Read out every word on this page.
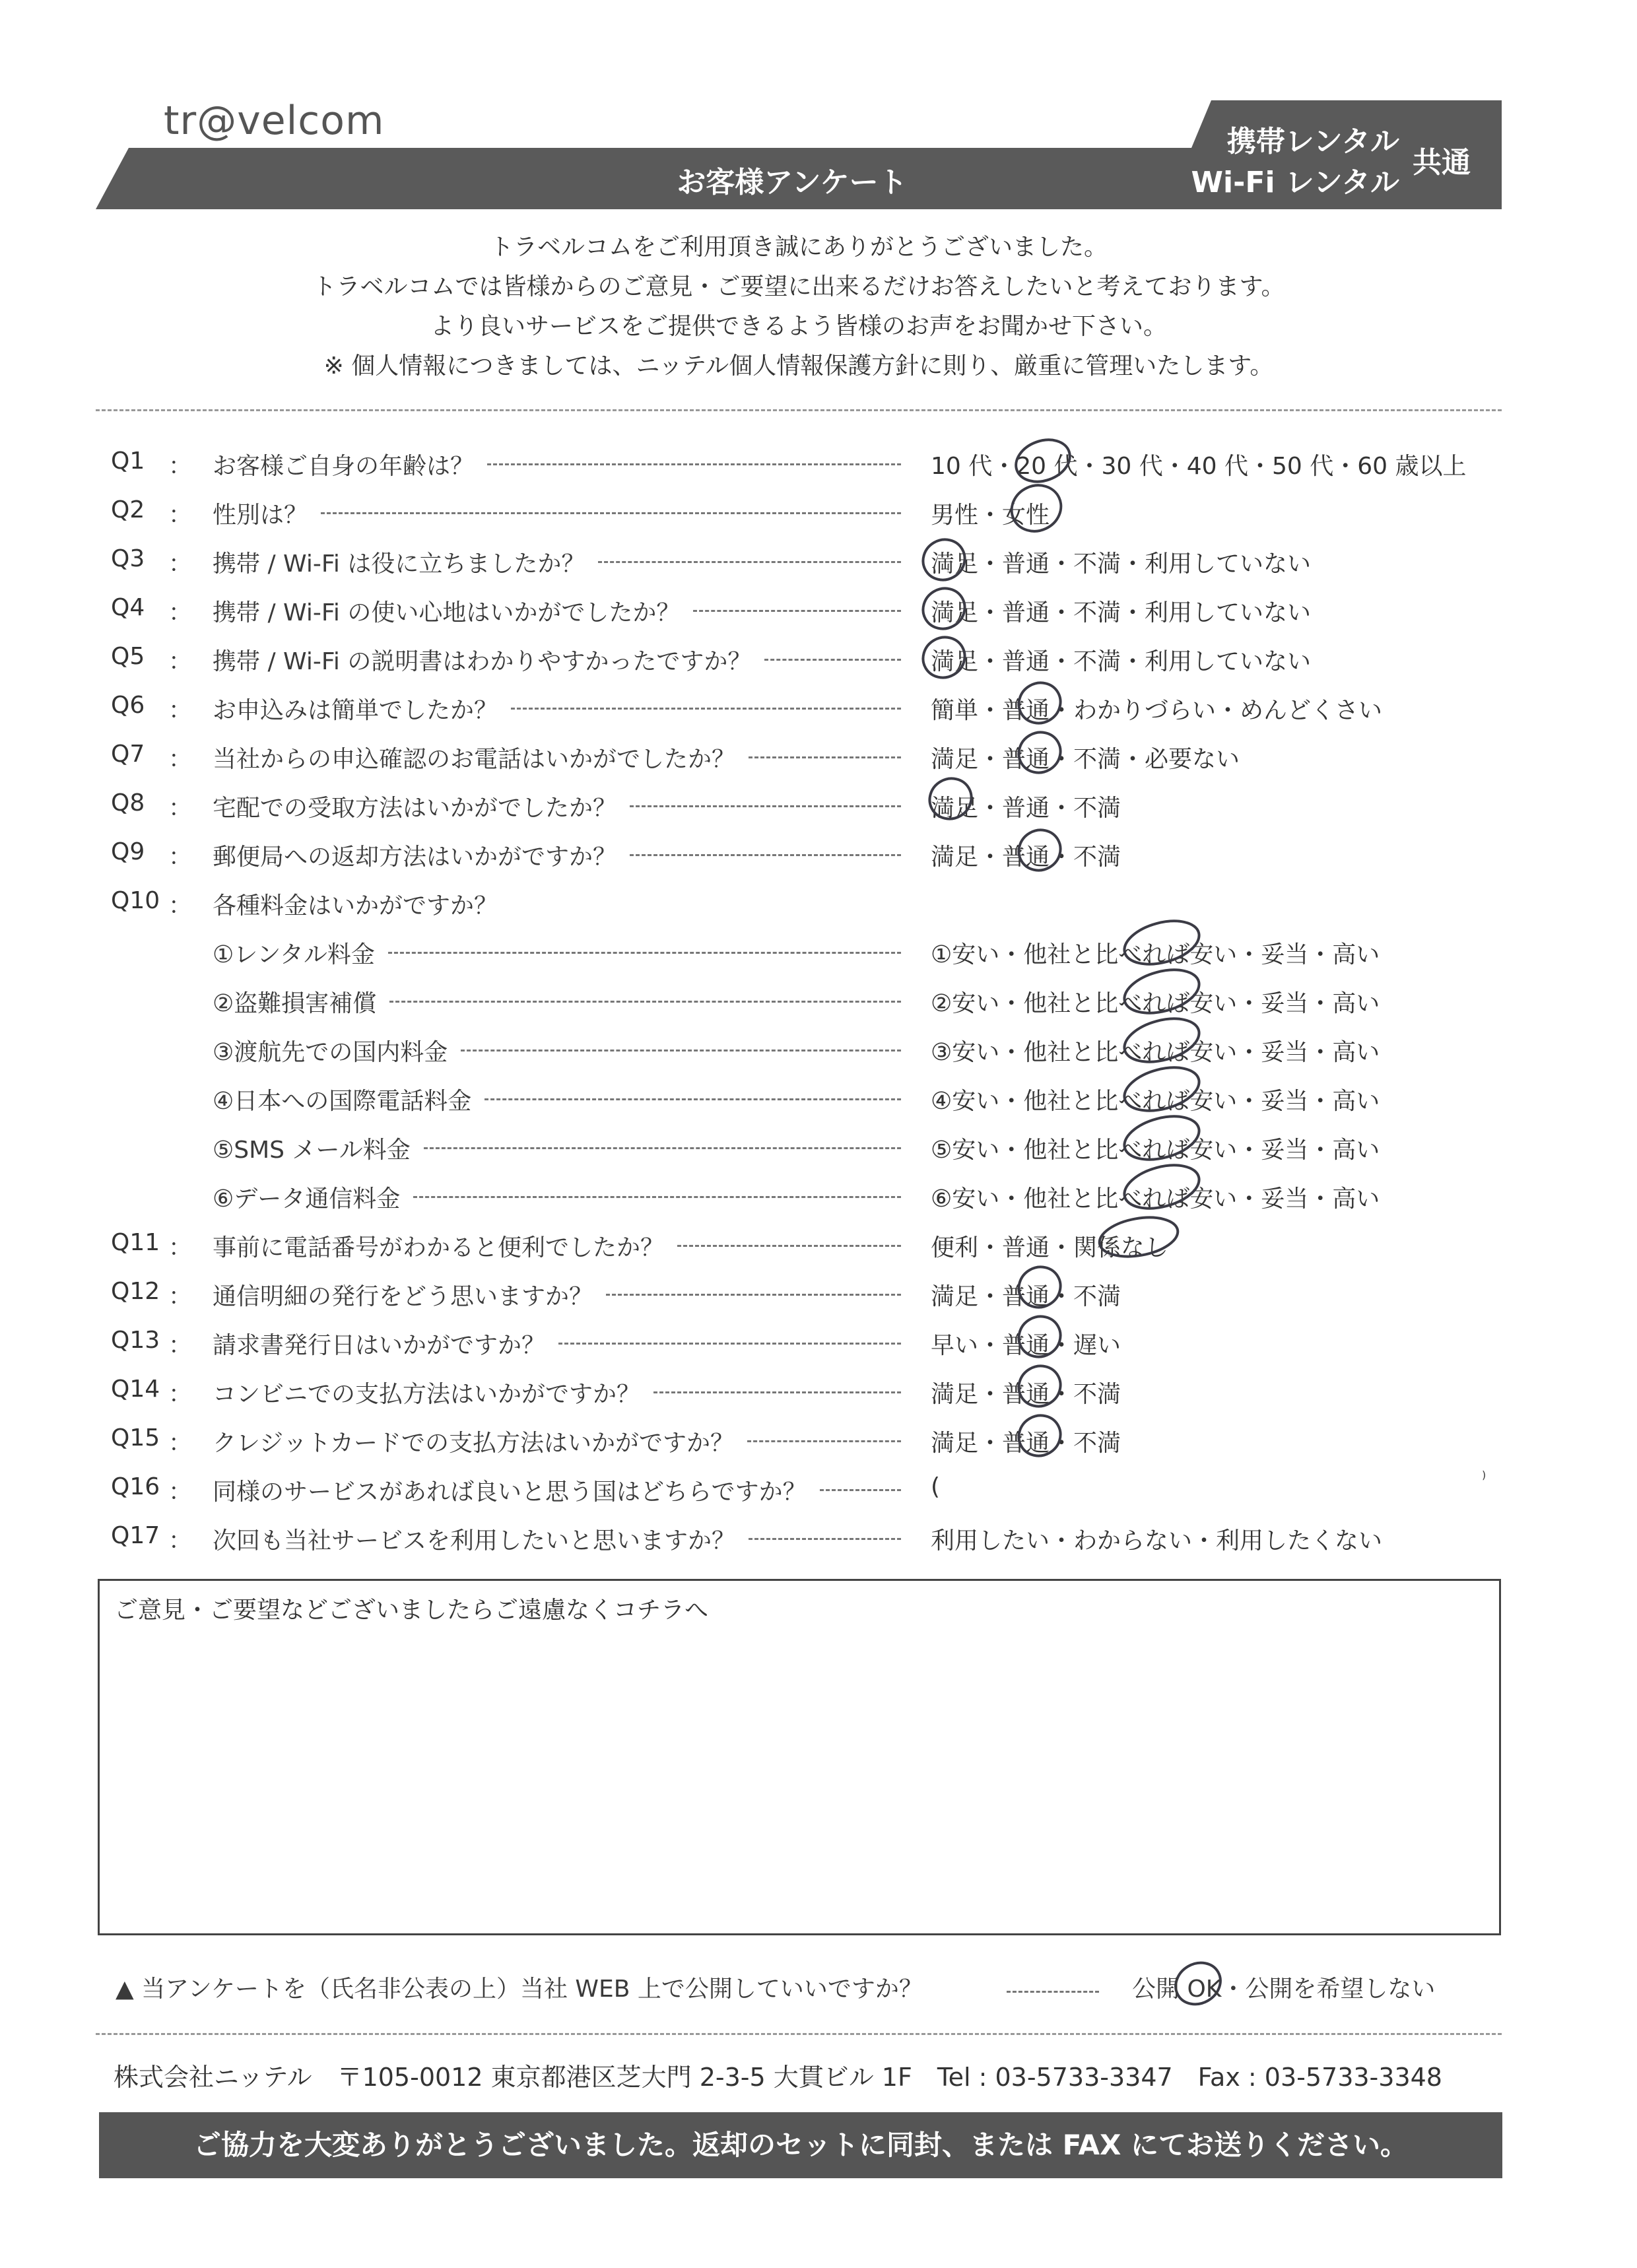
tr@velcom
お客様アンケート
携帯レンタル
Wi-Fi レンタル
共通
トラベルコムをご利用頂き誠にありがとうございました。
トラベルコムでは皆様からのご意見・ご要望に出来るだけお答えしたいと考えております。
より良いサービスをご提供できるよう皆様のお声をお聞かせ下さい。
※ 個人情報につきましては、ニッテル個人情報保護方針に則り、厳重に管理いたします。
Q1 ： お客様ご自身の年齢は？	10 代・20 代・30 代・40 代・50 代・60 歳以上
Q2 ： 性別は？	男性・女性
Q3 ： 携帯 / Wi-Fi は役に立ちましたか？	満足・普通・不満・利用していない
Q4 ： 携帯 / Wi-Fi の使い心地はいかがでしたか？	満足・普通・不満・利用していない
Q5 ： 携帯 / Wi-Fi の説明書はわかりやすかったですか？	満足・普通・不満・利用していない
Q6 ： お申込みは簡単でしたか？	簡単・普通・わかりづらい・めんどくさい
Q7 ： 当社からの申込確認のお電話はいかがでしたか？	満足・普通・不満・必要ない
Q8 ： 宅配での受取方法はいかがでしたか？	満足・普通・不満
Q9 ： 郵便局への返却方法はいかがですか？	満足・普通・不満
Q10 ： 各種料金はいかがですか？
①レンタル料金	①安い・他社と比べれば安い・妥当・高い
②盗難損害補償	②安い・他社と比べれば安い・妥当・高い
③渡航先での国内料金	③安い・他社と比べれば安い・妥当・高い
④日本への国際電話料金	④安い・他社と比べれば安い・妥当・高い
⑤SMS メール料金	⑤安い・他社と比べれば安い・妥当・高い
⑥データ通信料金	⑥安い・他社と比べれば安い・妥当・高い
Q11 ： 事前に電話番号がわかると便利でしたか？	便利・普通・関係なし
Q12 ： 通信明細の発行をどう思いますか？	満足・普通・不満
Q13 ： 請求書発行日はいかがですか？	早い・普通・遅い
Q14 ： コンビニでの支払方法はいかがですか？	満足・普通・不満
Q15 ： クレジットカードでの支払方法はいかがですか？	満足・普通・不満
Q16 ： 同様のサービスがあれば良いと思う国はどちらですか？	(
Q17 ： 次回も当社サービスを利用したいと思いますか？	利用したい・わからない・利用したくない
)
ご意見・ご要望などございましたらご遠慮なくコチラへ
▲ 当アンケートを（氏名非公表の上）当社 WEB 上で公開していいですか？	公開 OK・公開を希望しない
株式会社ニッテル　〒105-0012 東京都港区芝大門 2-3-5 大貫ビル 1F　Tel : 03-5733-3347　Fax : 03-5733-3348
ご協力を大変ありがとうございました。返却のセットに同封、または FAX にてお送りください。
